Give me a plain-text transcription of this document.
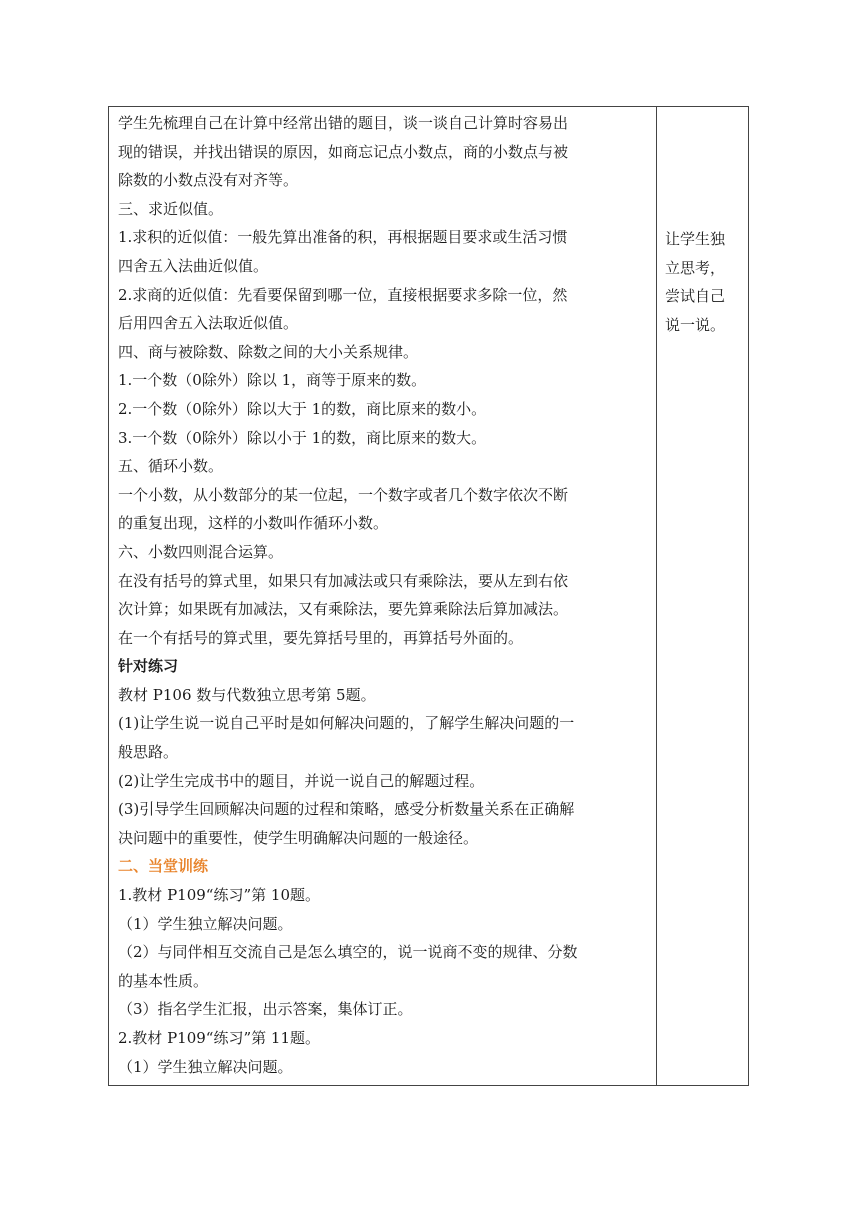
学生先梳理自己在计算中经常出错的题目，谈一谈自己计算时容易出
现的错误，并找出错误的原因，如商忘记点小数点，商的小数点与被
除数的小数点没有对齐等。
三、求近似值。
1.求积的近似值：一般先算出准备的积，再根据题目要求或生活习惯
四舍五入法曲近似值。
2.求商的近似值：先看要保留到哪一位，直接根据要求多除一位，然
后用四舍五入法取近似值。
四、商与被除数、除数之间的大小关系规律。
1.一个数（0除外）除以 1，商等于原来的数。
2.一个数（0除外）除以大于 1的数，商比原来的数小。
3.一个数（0除外）除以小于 1的数，商比原来的数大。
五、循环小数。
一个小数，从小数部分的某一位起，一个数字或者几个数字依次不断
的重复出现，这样的小数叫作循环小数。
六、小数四则混合运算。
在没有括号的算式里，如果只有加减法或只有乘除法，要从左到右依
次计算；如果既有加减法，又有乘除法，要先算乘除法后算加减法。
在一个有括号的算式里，要先算括号里的，再算括号外面的。
针对练习
教材 P106 数与代数独立思考第 5题。
(1)让学生说一说自己平时是如何解决问题的，了解学生解决问题的一
般思路。
(2)让学生完成书中的题目，并说一说自己的解题过程。
(3)引导学生回顾解决问题的过程和策略，感受分析数量关系在正确解
决问题中的重要性，使学生明确解决问题的一般途径。
二、当堂训练
1.教材 P109“练习”第 10题。
（1）学生独立解决问题。
（2）与同伴相互交流自己是怎么填空的，说一说商不变的规律、分数
的基本性质。
（3）指名学生汇报，出示答案，集体订正。
2.教材 P109“练习”第 11题。
（1）学生独立解决问题。
让学生独
立思考，
尝试自己
说一说。
